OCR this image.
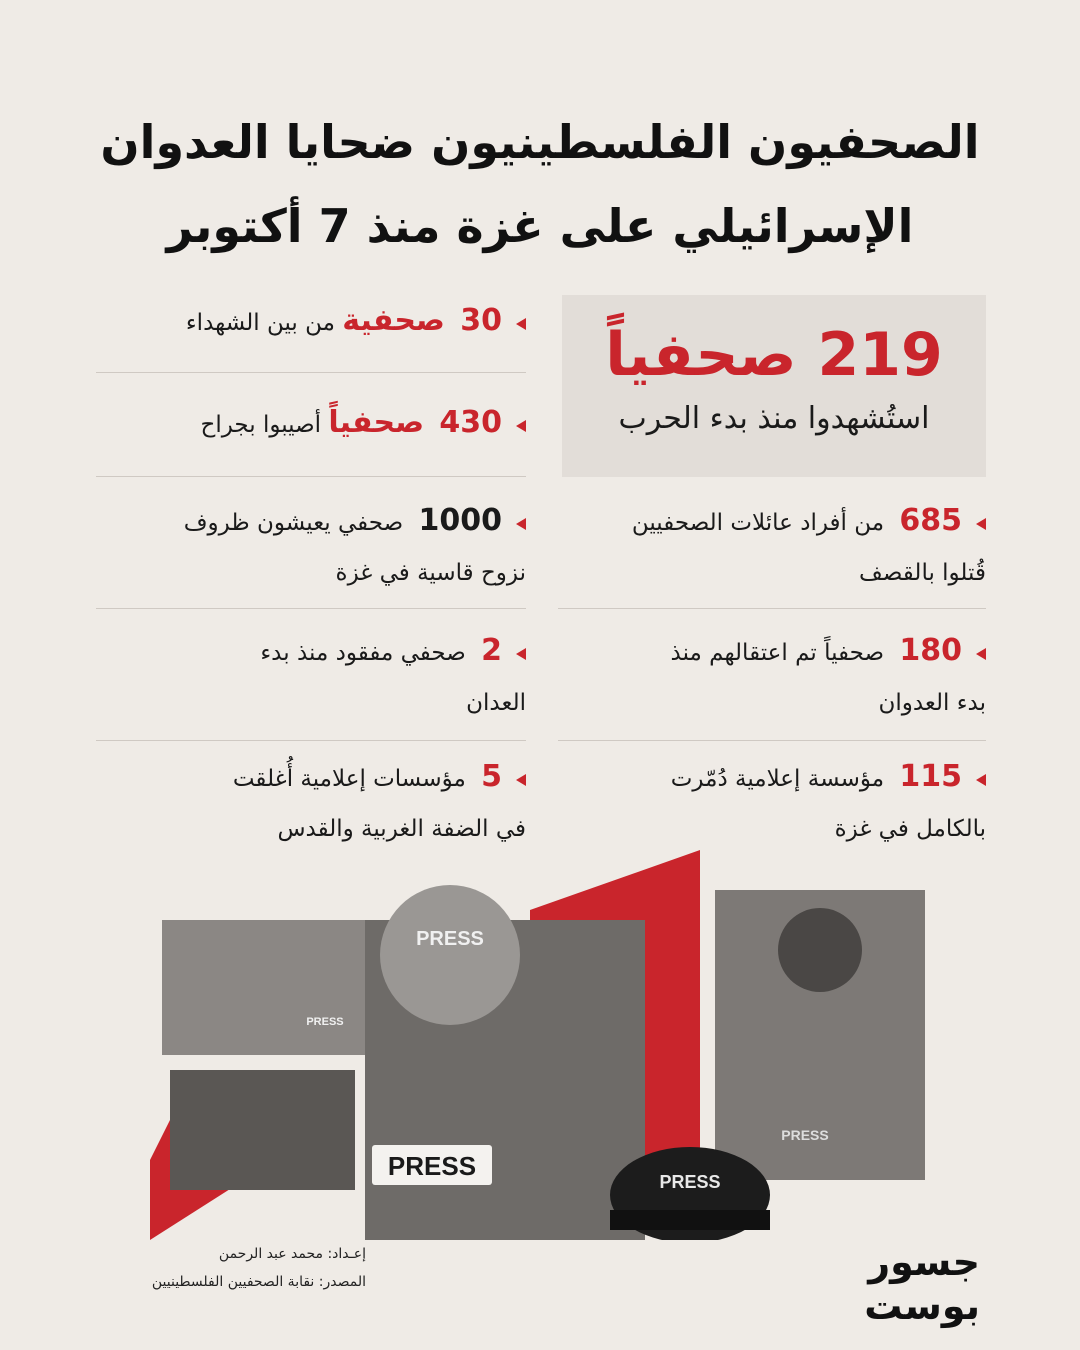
الصحفيون الفلسطينيون ضحايا العدوان
الإسرائيلي على غزة منذ 7 أكتوبر
219 صحفياً
استُشهدوا منذ بدء الحرب
30 صحفية من بين الشهداء
430 صحفياً أصيبوا بجراح
1000 صحفي يعيشون ظروف
نزوح قاسية في غزة
2 صحفي مفقود منذ بدء
العدان
5 مؤسسات إعلامية أُغلقت
في الضفة الغربية والقدس
685 من أفراد عائلات الصحفيين
قُتلوا بالقصف
180 صحفياً تم اعتقالهم منذ
بدء العدوان
115 مؤسسة إعلامية دُمّرت
بالكامل في غزة
PRESS
PRESS
PRESS
PRESS
PRESS
إعـداد: محمد عبد الرحمن
المصدر: نقابة الصحفيين الفلسطينيين	جسور بوست
